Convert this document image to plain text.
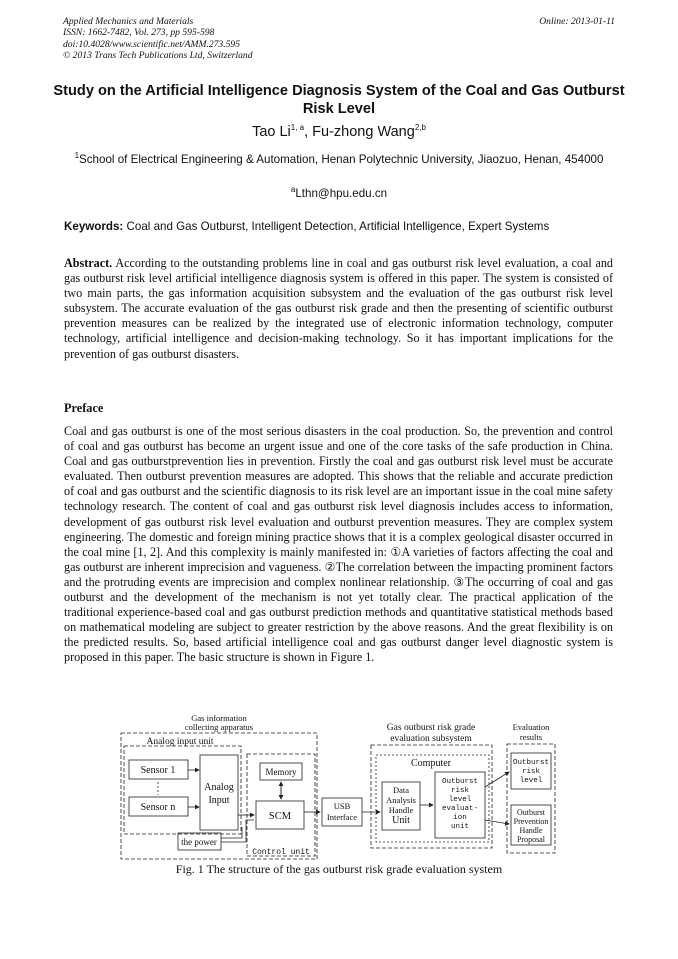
Applied Mechanics and Materials
ISSN: 1662-7482, Vol. 273, pp 595-598
doi:10.4028/www.scientific.net/AMM.273.595
© 2013 Trans Tech Publications Ltd, Switzerland
Online: 2013-01-11
Study on the Artificial Intelligence Diagnosis System of the Coal and Gas Outburst Risk Level
Tao Li$^{1, a}$, Fu-zhong Wang$^{2,b}$
$^1$School of Electrical Engineering & Automation, Henan Polytechnic University, Jiaozuo, Henan, 454000
$^a$Lthn@hpu.edu.cn
Keywords: Coal and Gas Outburst, Intelligent Detection, Artificial Intelligence, Expert Systems
Abstract. According to the outstanding problems line in coal and gas outburst risk level evaluation, a coal and gas outburst risk level artificial intelligence diagnosis system is offered in this paper. The system is consisted of two main parts, the gas information acquisition subsystem and the evaluation of the gas outburst risk level subsystem. The accurate evaluation of the gas outburst risk grade and then the presenting of scientific outburst prevention measures can be realized by the integrated use of electronic information technology, computer technology, artificial intelligence and decision-making technology. So it has important implications for the prevention of gas outburst disasters.
Preface
Coal and gas outburst is one of the most serious disasters in the coal production. So, the prevention and control of coal and gas outburst has become an urgent issue and one of the core tasks of the safe production in China. Coal and gas outburstprevention lies in prevention. Firstly the coal and gas outburst risk level must be accurate evaluated. Then outburst prevention measures are adopted. This shows that the reliable and accurate prediction of coal and gas outburst and the scientific diagnosis to its risk level are an important issue in the coal mine safety technology research. The content of coal and gas outburst risk level diagnosis includes access to information, development of gas outburst risk level evaluation and outburst prevention measures. They are complex system engineering. The domestic and foreign mining practice shows that it is a complex geological disaster occurred in the coal mine [1, 2]. And this complexity is mainly manifested in: ①A varieties of factors affecting the coal and gas outburst are inherent imprecision and vagueness. ②The correlation between the impacting prominent factors and the protruding events are imprecision and complex nonlinear relationship. ③The occurring of coal and gas outburst and the development of the mechanism is not yet totally clear. The practical application of the traditional experience-based coal and gas outburst prediction methods and quantitative statistical methods based on mathematical modeling are subject to greater restriction by the above reasons. And the great flexibility is on the predicted results. So, based artificial intelligence coal and gas outburst danger level diagnostic system is proposed in this paper. The basic structure is shown in Figure 1.
Gas information
collecting apparatus
Analog input unit
Sensor 1
Sensor n
Analog
Input
Memory
SCM
the power
Control unit
USB
Interface
Gas outburst risk grade
evaluation subsystem
Computer
Data
Analysis
Handle
Unit
Outburst
risk
level
evaluat-
ion
unit
Evaluation
results
Outburst
risk
level
Outburst
Prevention
Handle
Proposal
Fig. 1 The structure of the gas outburst risk grade evaluation system
